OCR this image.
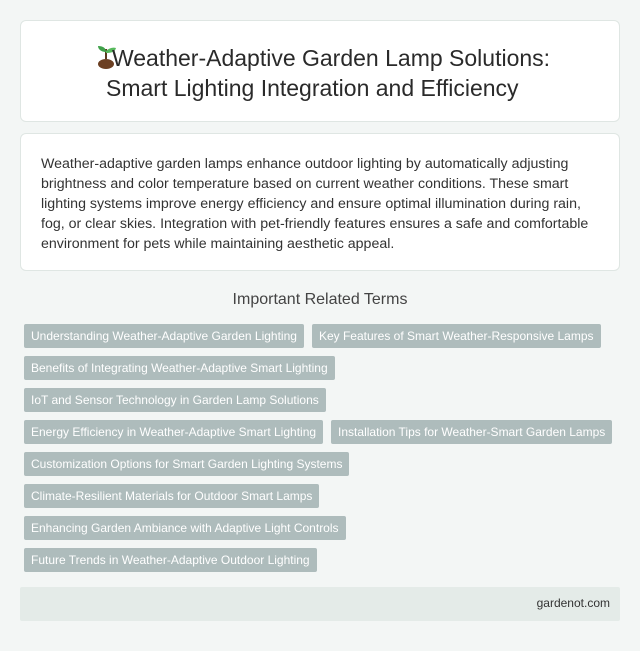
Weather-Adaptive Garden Lamp Solutions:
Smart Lighting Integration and Efficiency

Weather-adaptive garden lamps enhance outdoor lighting by automatically adjusting brightness and color temperature based on current weather conditions. These smart lighting systems improve energy efficiency and ensure optimal illumination during rain, fog, or clear skies. Integration with pet-friendly features ensures a safe and comfortable environment for pets while maintaining aesthetic appeal.

Important Related Terms
Understanding Weather-Adaptive Garden Lighting	Key Features of Smart Weather-Responsive Lamps
Benefits of Integrating Weather-Adaptive Smart Lighting
IoT and Sensor Technology in Garden Lamp Solutions
Energy Efficiency in Weather-Adaptive Smart Lighting	Installation Tips for Weather-Smart Garden Lamps
Customization Options for Smart Garden Lighting Systems
Climate-Resilient Materials for Outdoor Smart Lamps
Enhancing Garden Ambiance with Adaptive Light Controls
Future Trends in Weather-Adaptive Outdoor Lighting
gardenot.com
